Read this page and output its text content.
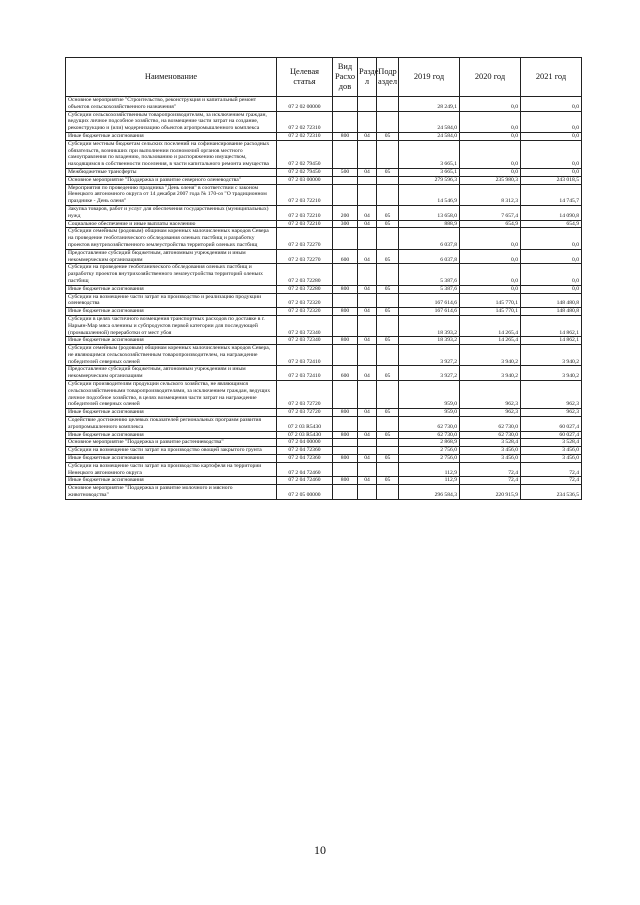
Наименование	Целевая статья	Вид Расхо дов	Разде л	Подр аздел	2019 год	2020 год	2021 год
Основное мероприятие "Строительство, реконструкция и капитальный ремонт объектов сельскохозяйственного назначения"	07 2 02 00000				28 249,1	0,0	0,0
Субсидии сельскохозяйственным товаропроизводителям, за исключением граждан, ведущих личное подсобное хозяйство, на возмещение части затрат на создание, реконструкцию и (или) модернизацию объектов агропромышленного комплекса	07 2 02 72310				24 584,0	0,0	0,0
Иные бюджетные ассигнования	07 2 02 72310	800	04	05	24 584,0	0,0	0,0
Субсидии местным бюджетам сельских поселений на софинансирование расходных обязательств, возникших при выполнении полномочий органов местного самоуправления по владению, пользованию и распоряжению имуществом, находящимся в собственности поселения, в части капитального ремонта имущества	07 2 02 79450				3 665,1	0,0	0,0
Межбюджетные трансферты	07 2 02 79450	500	04	05	3 665,1	0,0	0,0
Основное мероприятие "Поддержка и развитие северного оленеводства"	07 2 03 00000				279 596,3	235 980,3	243 018,5
Мероприятия по проведению праздника "День оленя" в соответствии с законом Ненецкого автономного округа от 14 декабря 2007 года № 170-оз "О традиционном празднике - День оленя"	07 2 03 72210				14 546,9	8 312,3	14 745,7
Закупка товаров, работ и услуг для обеспечения государственных (муниципальных) нужд	07 2 03 72210	200	04	05	13 658,0	7 657,4	14 090,8
Социальное обеспечение и иные выплаты населению	07 2 03 72210	300	04	05	888,9	654,9	654,9
Субсидии семейным (родовым) общинам коренных малочисленных народов Севера на проведение геоботанического обследования оленьих пастбищ и разработку проектов внутрихозяйственного землеустройства территорий оленьих пастбищ	07 2 03 72270				6 037,8	0,0	0,0
Предоставление субсидий бюджетным, автономным учреждениям и иным некоммерческим организациям	07 2 03 72270	600	04	05	6 037,8	0,0	0,0
Субсидии на проведение геоботанического обследования оленьих пастбищ и разработку проектов внутрихозяйственного землеустройства территорий оленьих пастбищ	07 2 03 72280				5 387,6	0,0	0,0
Иные бюджетные ассигнования	07 2 03 72280	800	04	05	5 387,6	0,0	0,0
Субсидии на возмещение части затрат на производство и реализацию продукции оленеводства	07 2 03 72320				167 614,6	145 770,1	148 480,8
Иные бюджетные ассигнования	07 2 03 72320	800	04	05	167 614,6	145 770,1	148 480,8
Субсидии в целях частичного возмещения транспортных расходов по доставке в г. Нарьян-Мар мяса оленины и субпродуктов первой категории для последующей (промышленной) переработки от мест убоя	07 2 03 72340				18 393,2	14 265,4	14 862,1
Иные бюджетные ассигнования	07 2 03 72340	800	04	05	18 393,2	14 265,4	14 862,1
Субсидии семейным (родовым) общинам коренных малочисленных народов Севера, не являющимся сельскохозяйственным товаропроизводителем, на награждение победителей северных оленей	07 2 03 72410				3 927,2	3 940,2	3 940,2
Предоставление субсидий бюджетным, автономным учреждениям и иным некоммерческим организациям	07 2 03 72410	600	04	05	3 927,2	3 940,2	3 940,2
Субсидии производителям продукции сельского хозяйства, не являющимся сельскохозяйственными товаропроизводителями, за исключением граждан, ведущих личное подсобное хозяйство, в целях возмещения части затрат на награждение победителей северных оленей	07 2 03 72720				959,0	962,3	962,3
Иные бюджетные ассигнования	07 2 03 72720	800	04	05	959,0	962,3	962,3
Содействие достижению целевых показателей региональных программ развития агропромышленного комплекса	07 2 03 R5430				62 730,0	62 730,0	60 027,4
Иные бюджетные ассигнования	07 2 03 R5430	800	04	05	62 730,0	62 730,0	60 027,4
Основное мероприятие "Поддержка и развитие растениеводства"	07 2 04 00000				2 868,9	3 528,4	3 528,4
Субсидии на возмещение части затрат на производство овощей закрытого грунта	07 2 04 72360				2 756,0	3 456,0	3 456,0
Иные бюджетные ассигнования	07 2 04 72360	800	04	05	2 756,0	3 456,0	3 456,0
Субсидии на возмещение части затрат на производство картофеля на территории Ненецкого автономного округа	07 2 04 72460				112,9	72,4	72,4
Иные бюджетные ассигнования	07 2 04 72460	800	04	05	112,9	72,4	72,4
Основное мероприятие "Поддержка и развитие молочного и мясного животноводства"	07 2 05 00000				296 584,3	220 915,9	234 536,5
10
